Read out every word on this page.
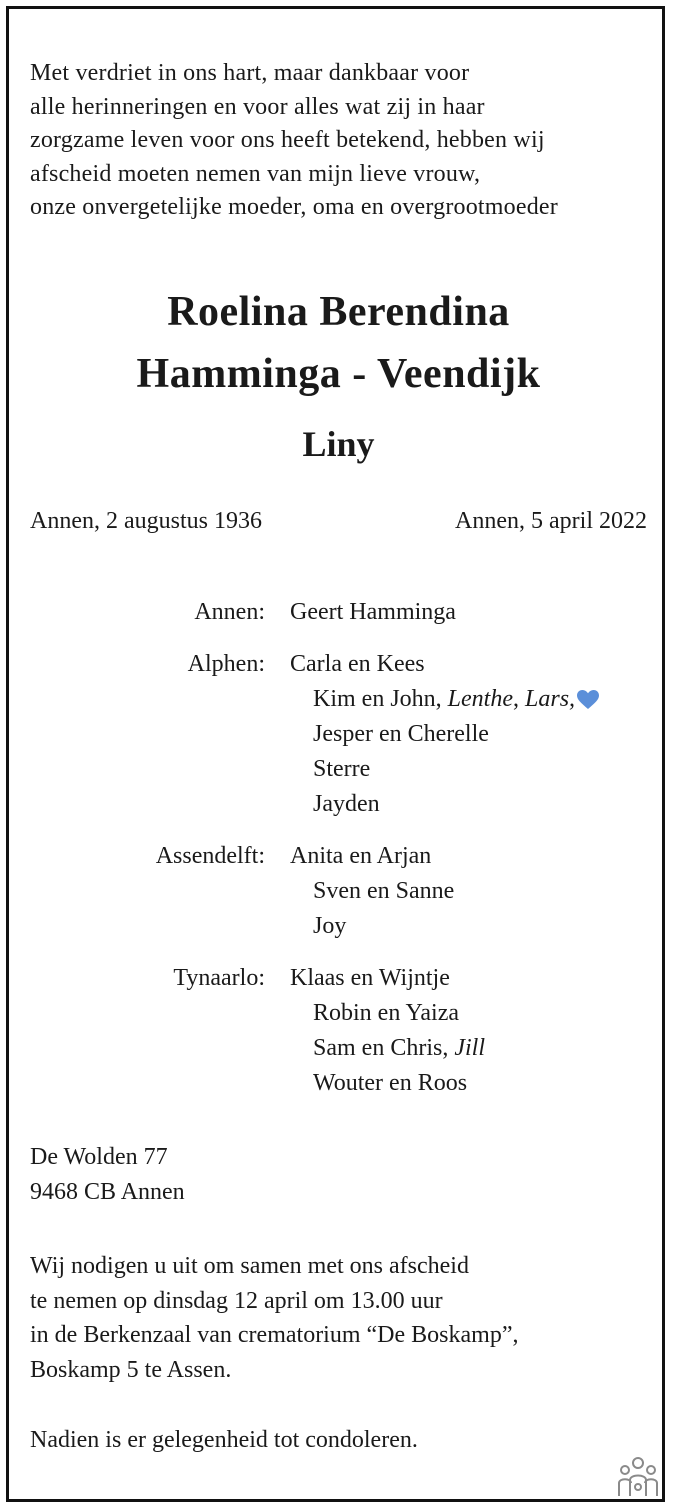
Met verdriet in ons hart, maar dankbaar voor
alle herinneringen en voor alles wat zij in haar
zorgzame leven voor ons heeft betekend, hebben wij
afscheid moeten nemen van mijn lieve vrouw,
onze onvergetelijke moeder, oma en overgrootmoeder
Roelina Berendina
Hamminga - Veendijk
Liny
Annen, 2 augustus 1936	Annen, 5 april 2022
Annen: Geert Hamminga
Alphen: Carla en Kees
Kim en John, Lenthe, Lars,
Jesper en Cherelle
Sterre
Jayden
Assendelft: Anita en Arjan
Sven en Sanne
Joy
Tynaarlo: Klaas en Wijntje
Robin en Yaiza
Sam en Chris, Jill
Wouter en Roos
De Wolden 77
9468 CB Annen
Wij nodigen u uit om samen met ons afscheid
te nemen op dinsdag 12 april om 13.00 uur
in de Berkenzaal van crematorium “De Boskamp”,
Boskamp 5 te Assen.
Nadien is er gelegenheid tot condoleren.
